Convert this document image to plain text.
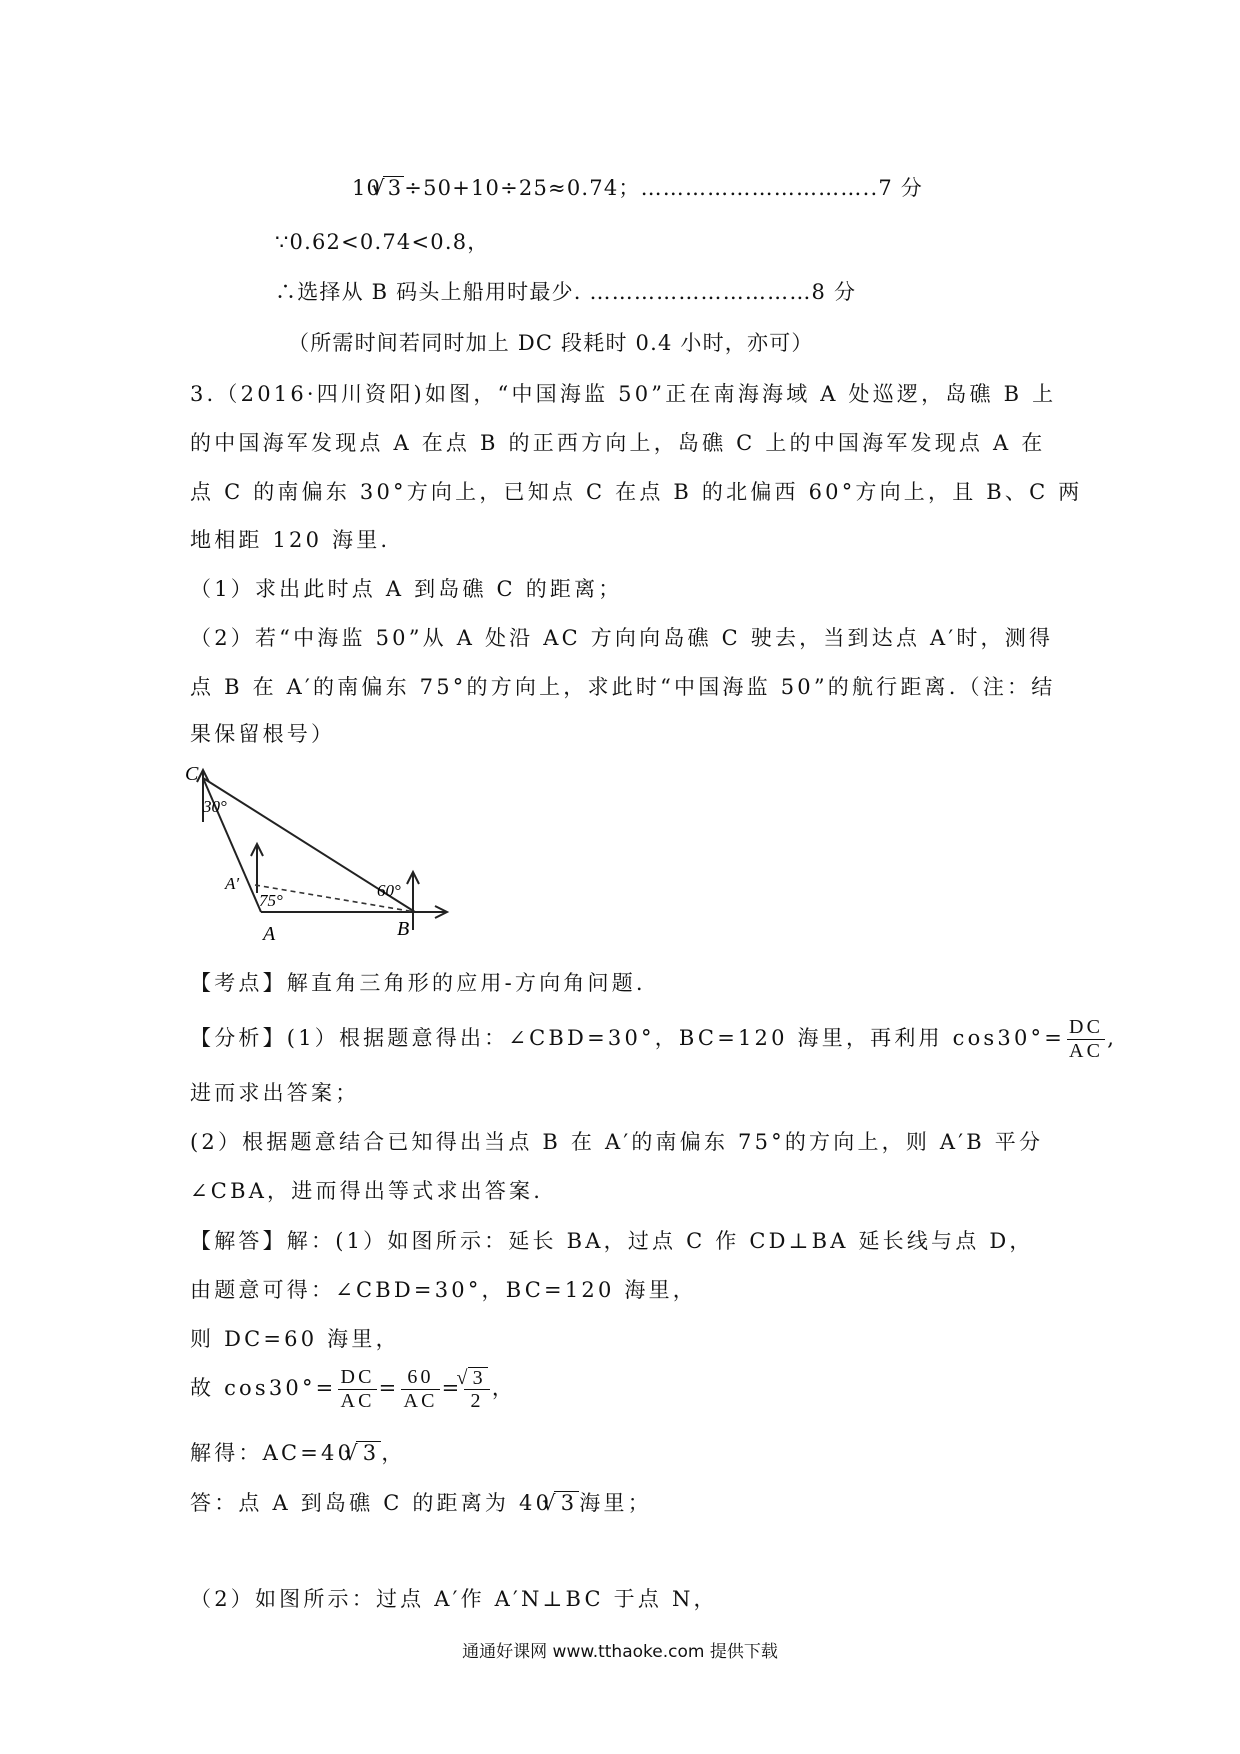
10 √ 3÷50+10÷25≈0.74；…………………………..7 分
∵0.62<0.74<0.8，
∴选择从 B 码头上船用时最少. …………………………8 分
（所需时间若同时加上 DC 段耗时 0.4 小时，亦可）
3.（2016·四川资阳)如图，“中国海监 50”正在南海海域 A 处巡逻，岛礁 B 上
的中国海军发现点 A 在点 B 的正西方向上，岛礁 C 上的中国海军发现点 A 在
点 C 的南偏东 30°方向上，已知点 C 在点 B 的北偏西 60°方向上，且 B、C 两
地相距 120 海里.
（1）求出此时点 A 到岛礁 C 的距离；
（2）若“中海监 50”从 A 处沿 AC 方向向岛礁 C 驶去，当到达点 A′时，测得
点 B 在 A′的南偏东 75°的方向上，求此时“中国海监 50”的航行距离.（注：结
果保留根号）
C
30°
A′
75°
60°
A	B
【考点】解直角三角形的应用-方向角问题.
【分析】(1）根据题意得出：∠CBD=30°，BC=120 海里，再利用 $\cos 30^\circ= \frac{DC}{AC}$ ,
进而求出答案；
(2）根据题意结合已知得出当点 B 在 A′的南偏东 75°的方向上，则 A′B 平分
∠CBA，进而得出等式求出答案.
【解答】解：(1）如图所示：延长 BA，过点 C 作 CD⊥BA 延长线与点 D，
由题意可得：∠CBD=30°，BC=120 海里，
则 DC=60 海里，
故 $\cos 30^\circ= \frac{DC}{AC} = \frac{60}{AC}$ = √ $\frac{3}{2}$ ，
解得：AC=40 √ 3，
答：点 A 到岛礁 C 的距离为 40 √ 3海里；
（2）如图所示：过点 A′作 A′N⊥BC 于点 N，
通通好课网 www.tthaoke.com 提供下载
